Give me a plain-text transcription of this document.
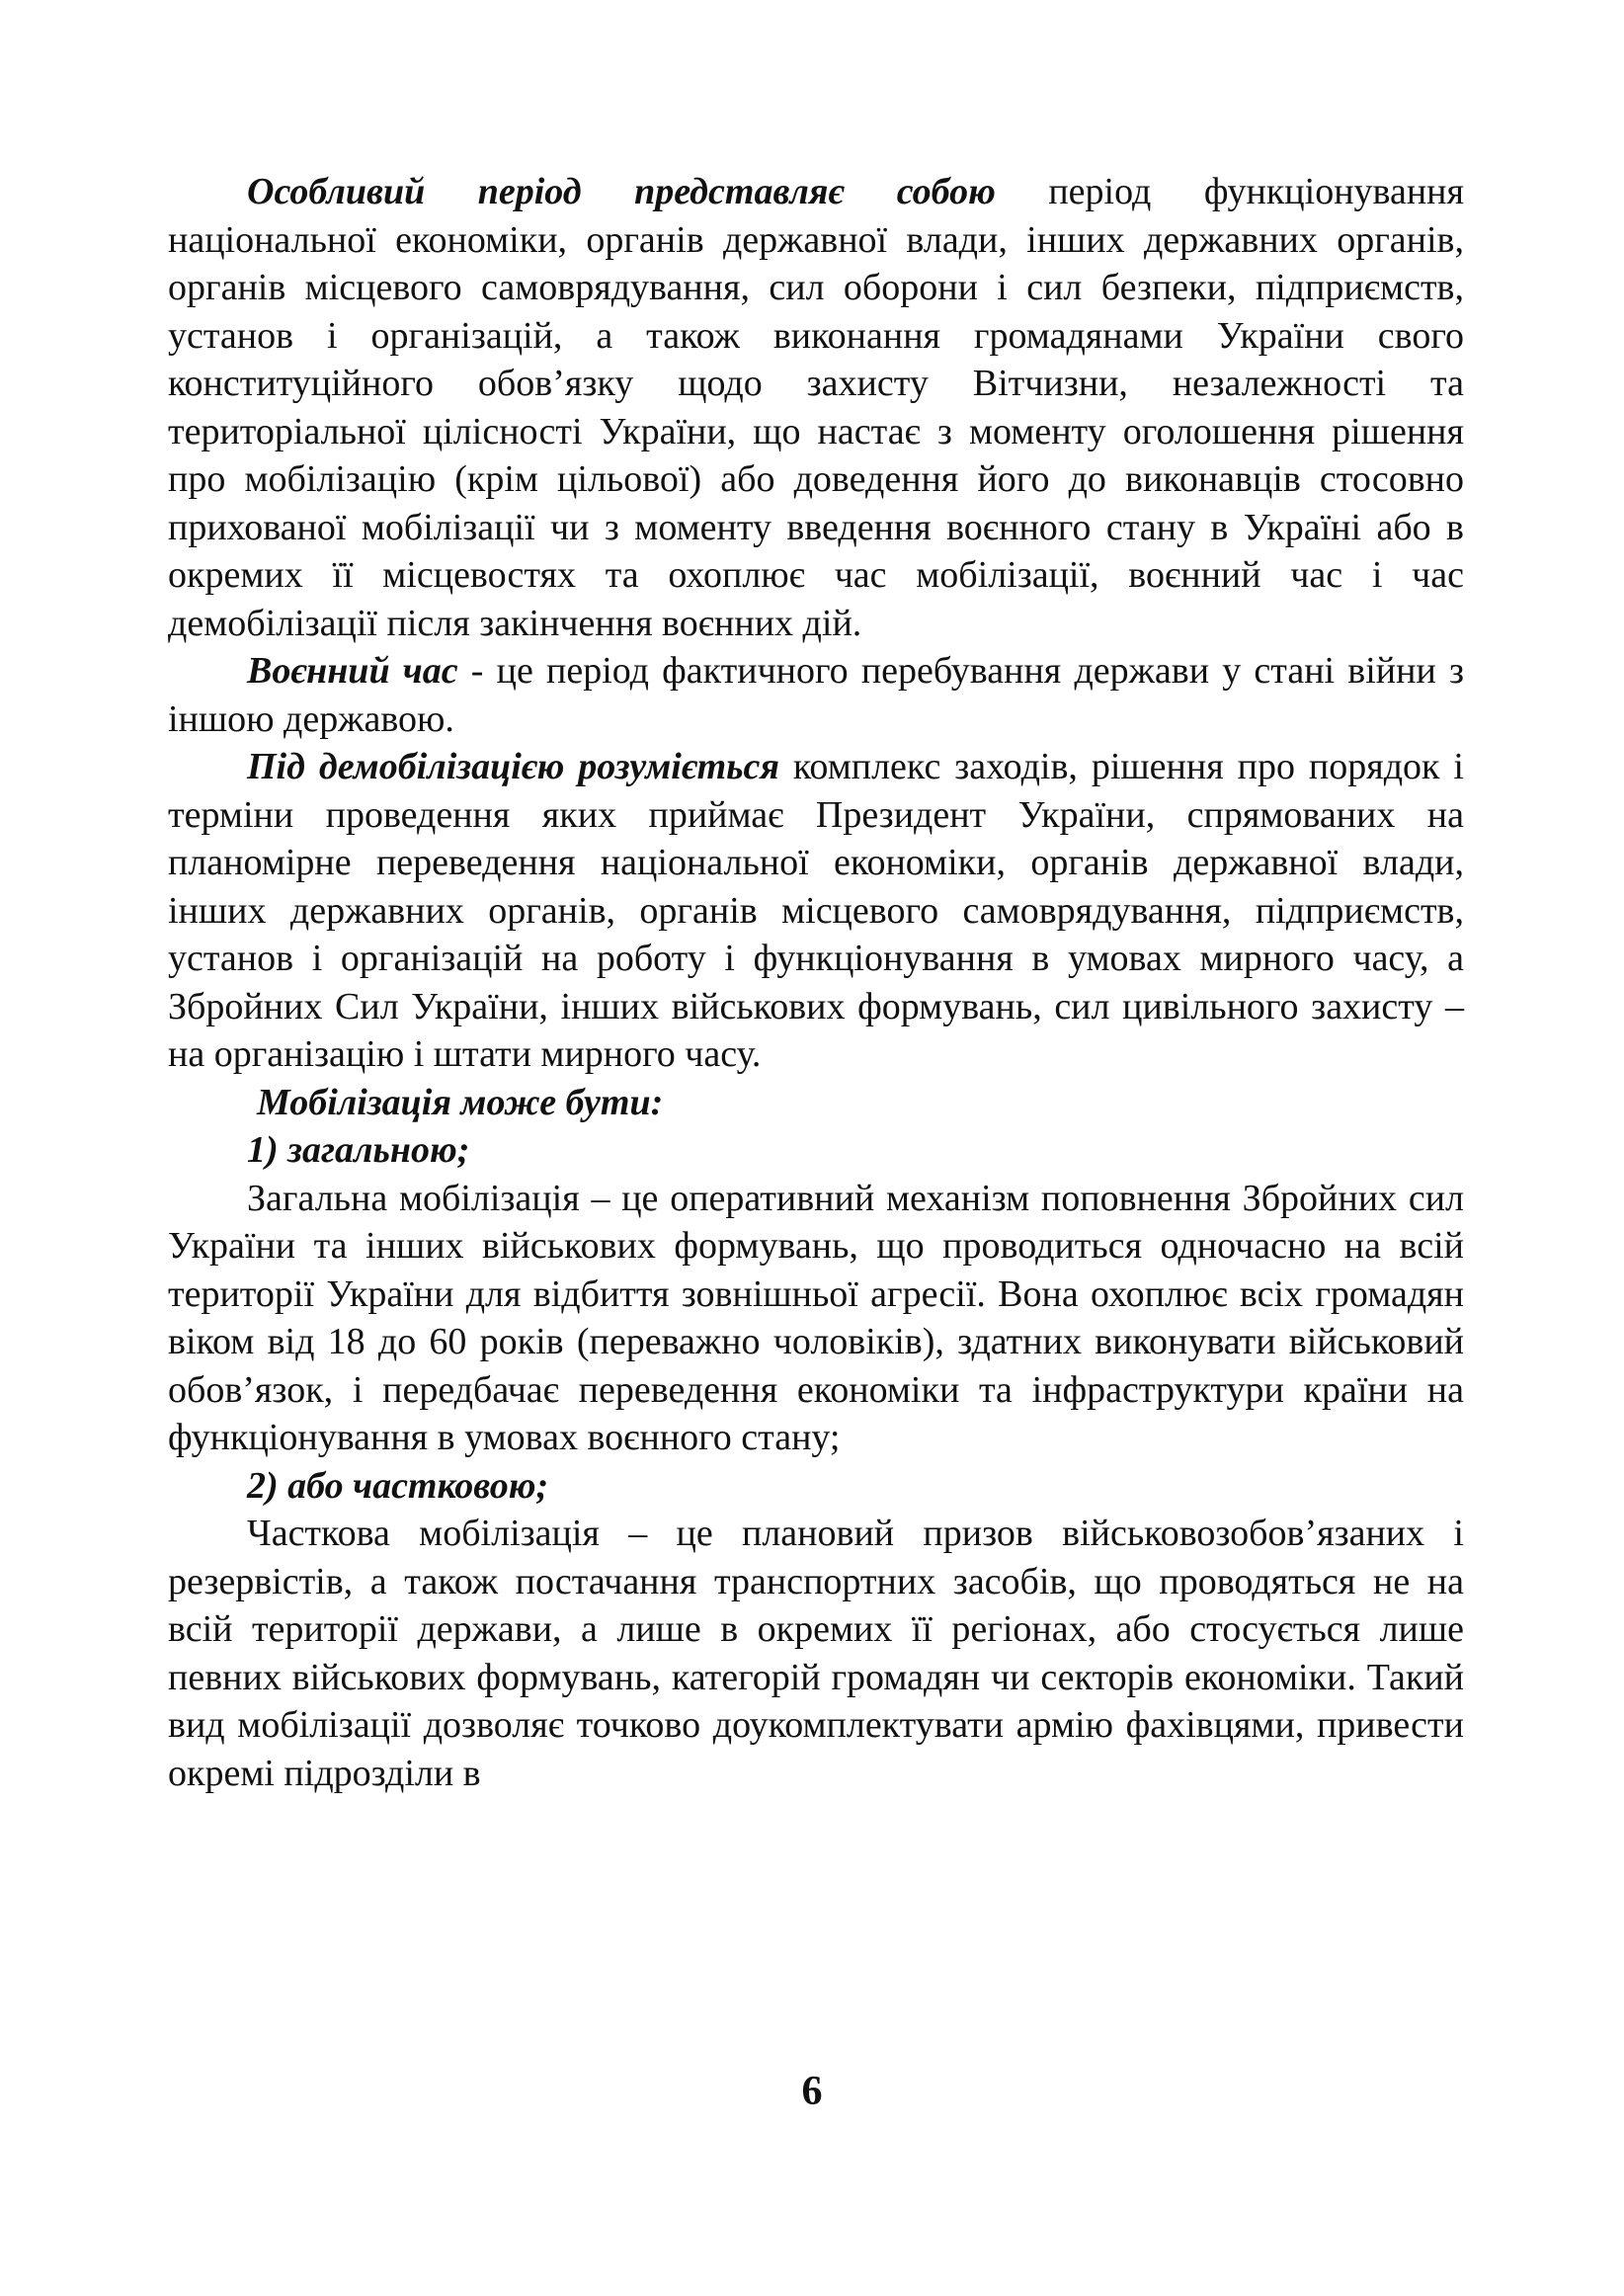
Особливий період представляє собою період функціонування національної економіки, органів державної влади, інших державних органів, органів місцевого самоврядування, сил оборони і сил безпеки, підприємств, установ і організацій, а також виконання громадянами України свого конституційного обов’язку щодо захисту Вітчизни, незалежності та територіальної цілісності України, що настає з моменту оголошення рішення про мобілізацію (крім цільової) або доведення його до виконавців стосовно прихованої мобілізації чи з моменту введення воєнного стану в Україні або в окремих її місцевостях та охоплює час мобілізації, воєнний час і час демобілізації після закінчення воєнних дій.

Воєнний час - це період фактичного перебування держави у стані війни з іншою державою.

Під демобілізацією розуміється комплекс заходів, рішення про порядок і терміни проведення яких приймає Президент України, спрямованих на планомірне переведення національної економіки, органів державної влади, інших державних органів, органів місцевого самоврядування, підприємств, установ і організацій на роботу і функціонування в умовах мирного часу, а Збройних Сил України, інших військових формувань, сил цивільного захисту – на організацію і штати мирного часу.

Мобілізація може бути:

1) загальною;

Загальна мобілізація – це оперативний механізм поповнення Збройних сил України та інших військових формувань, що проводиться одночасно на всій території України для відбиття зовнішньої агресії. Вона охоплює всіх громадян віком від 18 до 60 років (переважно чоловіків), здатних виконувати військовий обов’язок, і передбачає переведення економіки та інфраструктури країни на функціонування в умовах воєнного стану;

2) або частковою;

Часткова мобілізація – це плановий призов військовозобов’язаних і резервістів, а також постачання транспортних засобів, що проводяться не на всій території держави, а лише в окремих її регіонах, або стосується лише певних військових формувань, категорій громадян чи секторів економіки. Такий вид мобілізації дозволяє точково доукомплектувати армію фахівцями, привести окремі підрозділи в

6
